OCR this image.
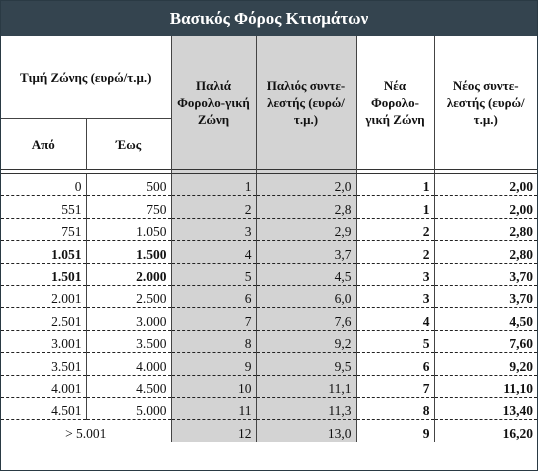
Βασικός Φόρος Κτισμάτων
Τιμή Ζώνης (ευρώ/τ.μ.)		Παλιά Φορολο-γική Ζώνη	Παλιός συντε-λεστής (ευρώ/τ.μ.)	Νέα Φορολο-γική Ζώνη	Νέος συντε-λεστής (ευρώ/τ.μ.)
Από	Έως				

0	500	1	2,0	1	2,00
551	750	2	2,8	1	2,00
751	1.050	3	2,9	2	2,80
1.051	1.500	4	3,7	2	2,80
1.501	2.000	5	4,5	3	3,70
2.001	2.500	6	6,0	3	3,70
2.501	3.000	7	7,6	4	4,50
3.001	3.500	8	9,2	5	7,60
3.501	4.000	9	9,5	6	9,20
4.001	4.500	10	11,1	7	11,10
4.501	5.000	11	11,3	8	13,40
> 5.001		12	13,0	9	16,20
